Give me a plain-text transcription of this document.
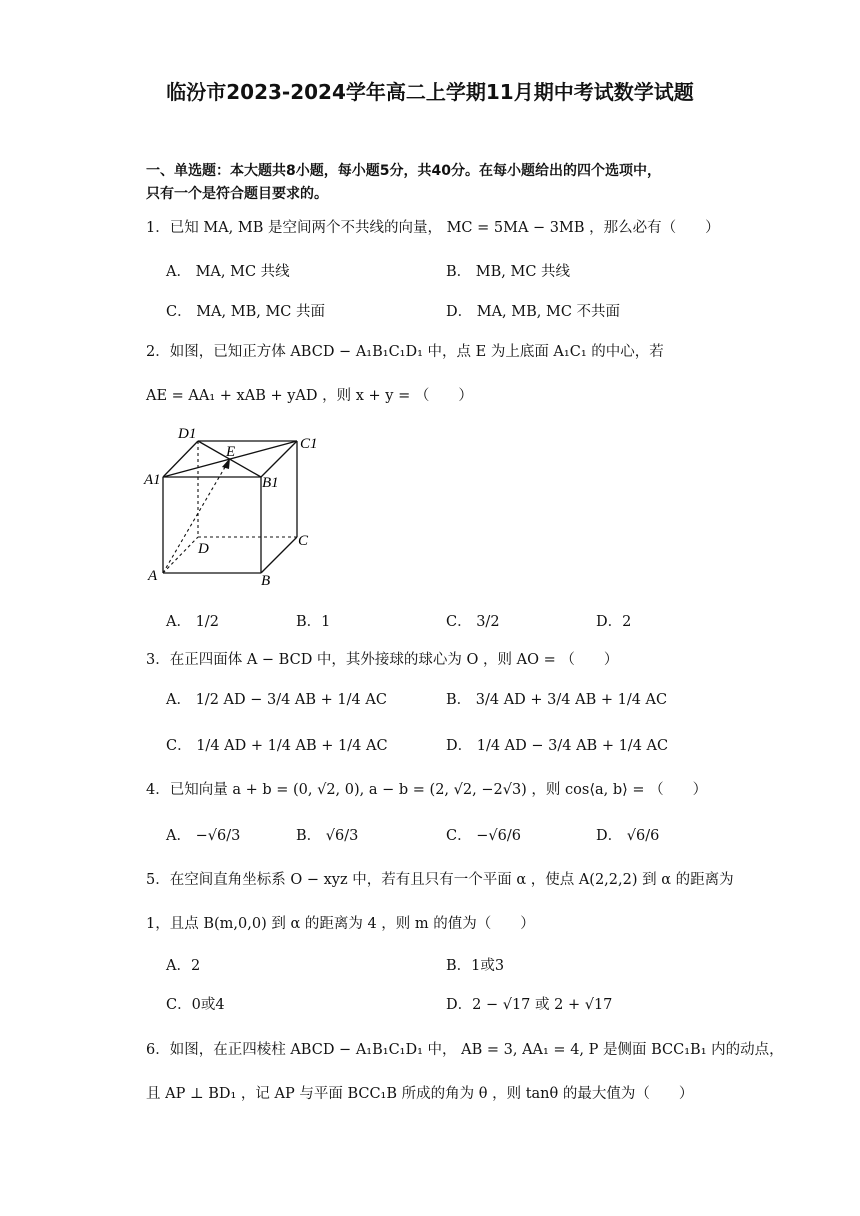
临汾市2023-2024学年高二上学期11月期中考试数学试题
一、单选题：本大题共8小题，每小题5分，共40分。在每小题给出的四个选项中，
只有一个是符合题目要求的。
1．已知 MA, MB 是空间两个不共线的向量， MC = 5MA − 3MB ，那么必有（　　）
A． MA, MC 共线	B． MB, MC 共线
C． MA, MB, MC 共面	D． MA, MB, MC 不共面
2．如图，已知正方体 ABCD − A₁B₁C₁D₁ 中，点 E 为上底面 A₁C₁ 的中心，若
AE = AA₁ + xAB + yAD ，则 x + y = （　　）
D1
C1
A1	B1
E
D	C
A	B
A． 1/2	B．1	C． 3/2	D．2
3．在正四面体 A − BCD 中，其外接球的球心为 O ，则 AO = （　　）
A． 1/2 AD − 3/4 AB + 1/4 AC	B． 3/4 AD + 3/4 AB + 1/4 AC
C． 1/4 AD + 1/4 AB + 1/4 AC	D． 1/4 AD − 3/4 AB + 1/4 AC
4．已知向量 a + b = (0, √2, 0), a − b = (2, √2, −2√3) ，则 cos⟨a, b⟩ = （　　）
A． −√6/3	B． √6/3	C． −√6/6	D． √6/6
5．在空间直角坐标系 O − xyz 中，若有且只有一个平面 α ，使点 A(2,2,2) 到 α 的距离为
1，且点 B(m,0,0) 到 α 的距离为 4 ，则 m 的值为（　　）
A．2	B．1或3
C．0或4	D．2 − √17 或 2 + √17
6．如图，在正四棱柱 ABCD − A₁B₁C₁D₁ 中， AB = 3, AA₁ = 4, P 是侧面 BCC₁B₁ 内的动点，
且 AP ⊥ BD₁ ，记 AP 与平面 BCC₁B 所成的角为 θ ，则 tanθ 的最大值为（　　）
